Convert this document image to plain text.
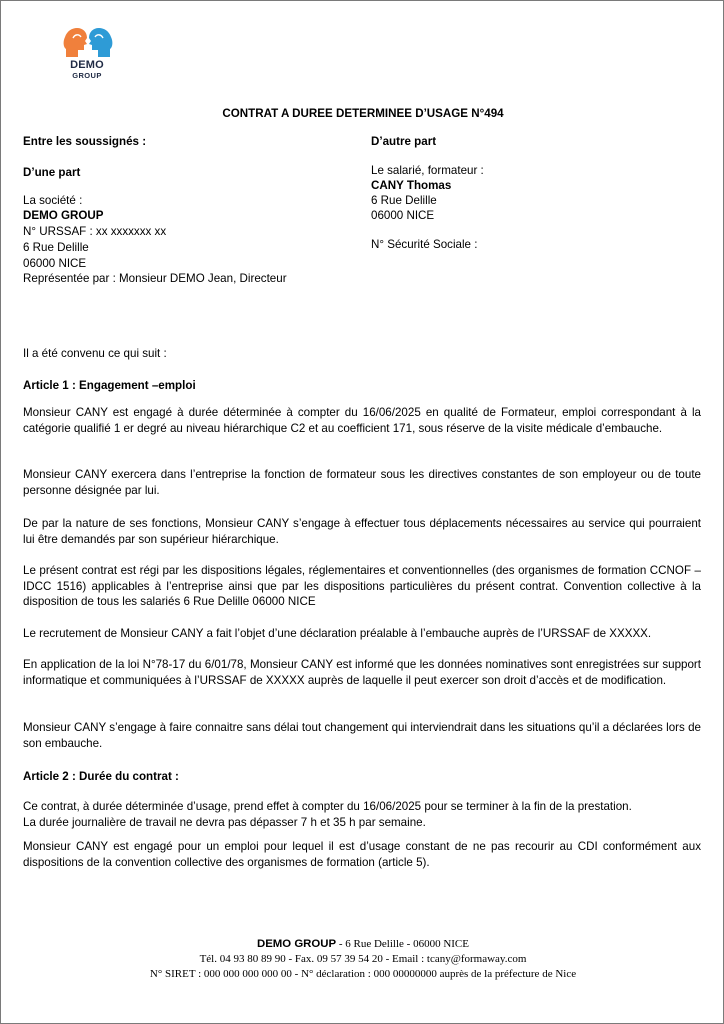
DEMO
GROUP
CONTRAT A DUREE DETERMINEE D’USAGE N°494
Entre les soussignés :
D’une part
La société :
DEMO GROUP
N° URSSAF : xx xxxxxxx xx
6 Rue Delille
06000 NICE
Représentée par : Monsieur DEMO Jean, Directeur
D’autre part
Le salarié, formateur :
CANY Thomas
6 Rue Delille
06000 NICE
N° Sécurité Sociale :
Il a été convenu ce qui suit :
Article 1 : Engagement –emploi
Monsieur CANY est engagé à durée déterminée à compter du 16/06/2025 en qualité de Formateur, emploi correspondant à la catégorie qualifié 1 er degré au niveau hiérarchique C2 et au coefficient 171, sous réserve de la visite médicale d’embauche.
Monsieur CANY exercera dans l’entreprise la fonction de formateur sous les directives constantes de son employeur ou de toute personne désignée par lui.
De par la nature de ses fonctions, Monsieur CANY s’engage à effectuer tous déplacements nécessaires au service qui pourraient lui être demandés par son supérieur hiérarchique.
Le présent contrat est régi par les dispositions légales, réglementaires et conventionnelles (des organismes de formation CCNOF – IDCC 1516) applicables à l’entreprise ainsi que par les dispositions particulières du présent contrat. Convention collective à la disposition de tous les salariés 6 Rue Delille 06000 NICE
Le recrutement de Monsieur CANY a fait l’objet d’une déclaration préalable à l’embauche auprès de l’URSSAF de XXXXX.
En application de la loi N°78-17 du 6/01/78, Monsieur CANY est informé que les données nominatives sont enregistrées sur support informatique et communiquées à l’URSSAF de XXXXX auprès de laquelle il peut exercer son droit d’accès et de modification.
Monsieur CANY s’engage à faire connaitre sans délai tout changement qui interviendrait dans les situations qu’il a déclarées lors de son embauche.
Article 2 : Durée du contrat :
Ce contrat, à durée déterminée d’usage, prend effet à compter du 16/06/2025 pour se terminer à la fin de la prestation.
La durée journalière de travail ne devra pas dépasser 7 h et 35 h par semaine.
Monsieur CANY est engagé pour un emploi pour lequel il est d’usage constant de ne pas recourir au CDI conformément aux dispositions de la convention collective des organismes de formation (article 5).
DEMO GROUP - 6 Rue Delille - 06000 NICE
Tél. 04 93 80 89 90 - Fax. 09 57 39 54 20 - Email : tcany@formaway.com
N° SIRET : 000 000 000 000 00 - N° déclaration : 000 00000000 auprès de la préfecture de Nice
